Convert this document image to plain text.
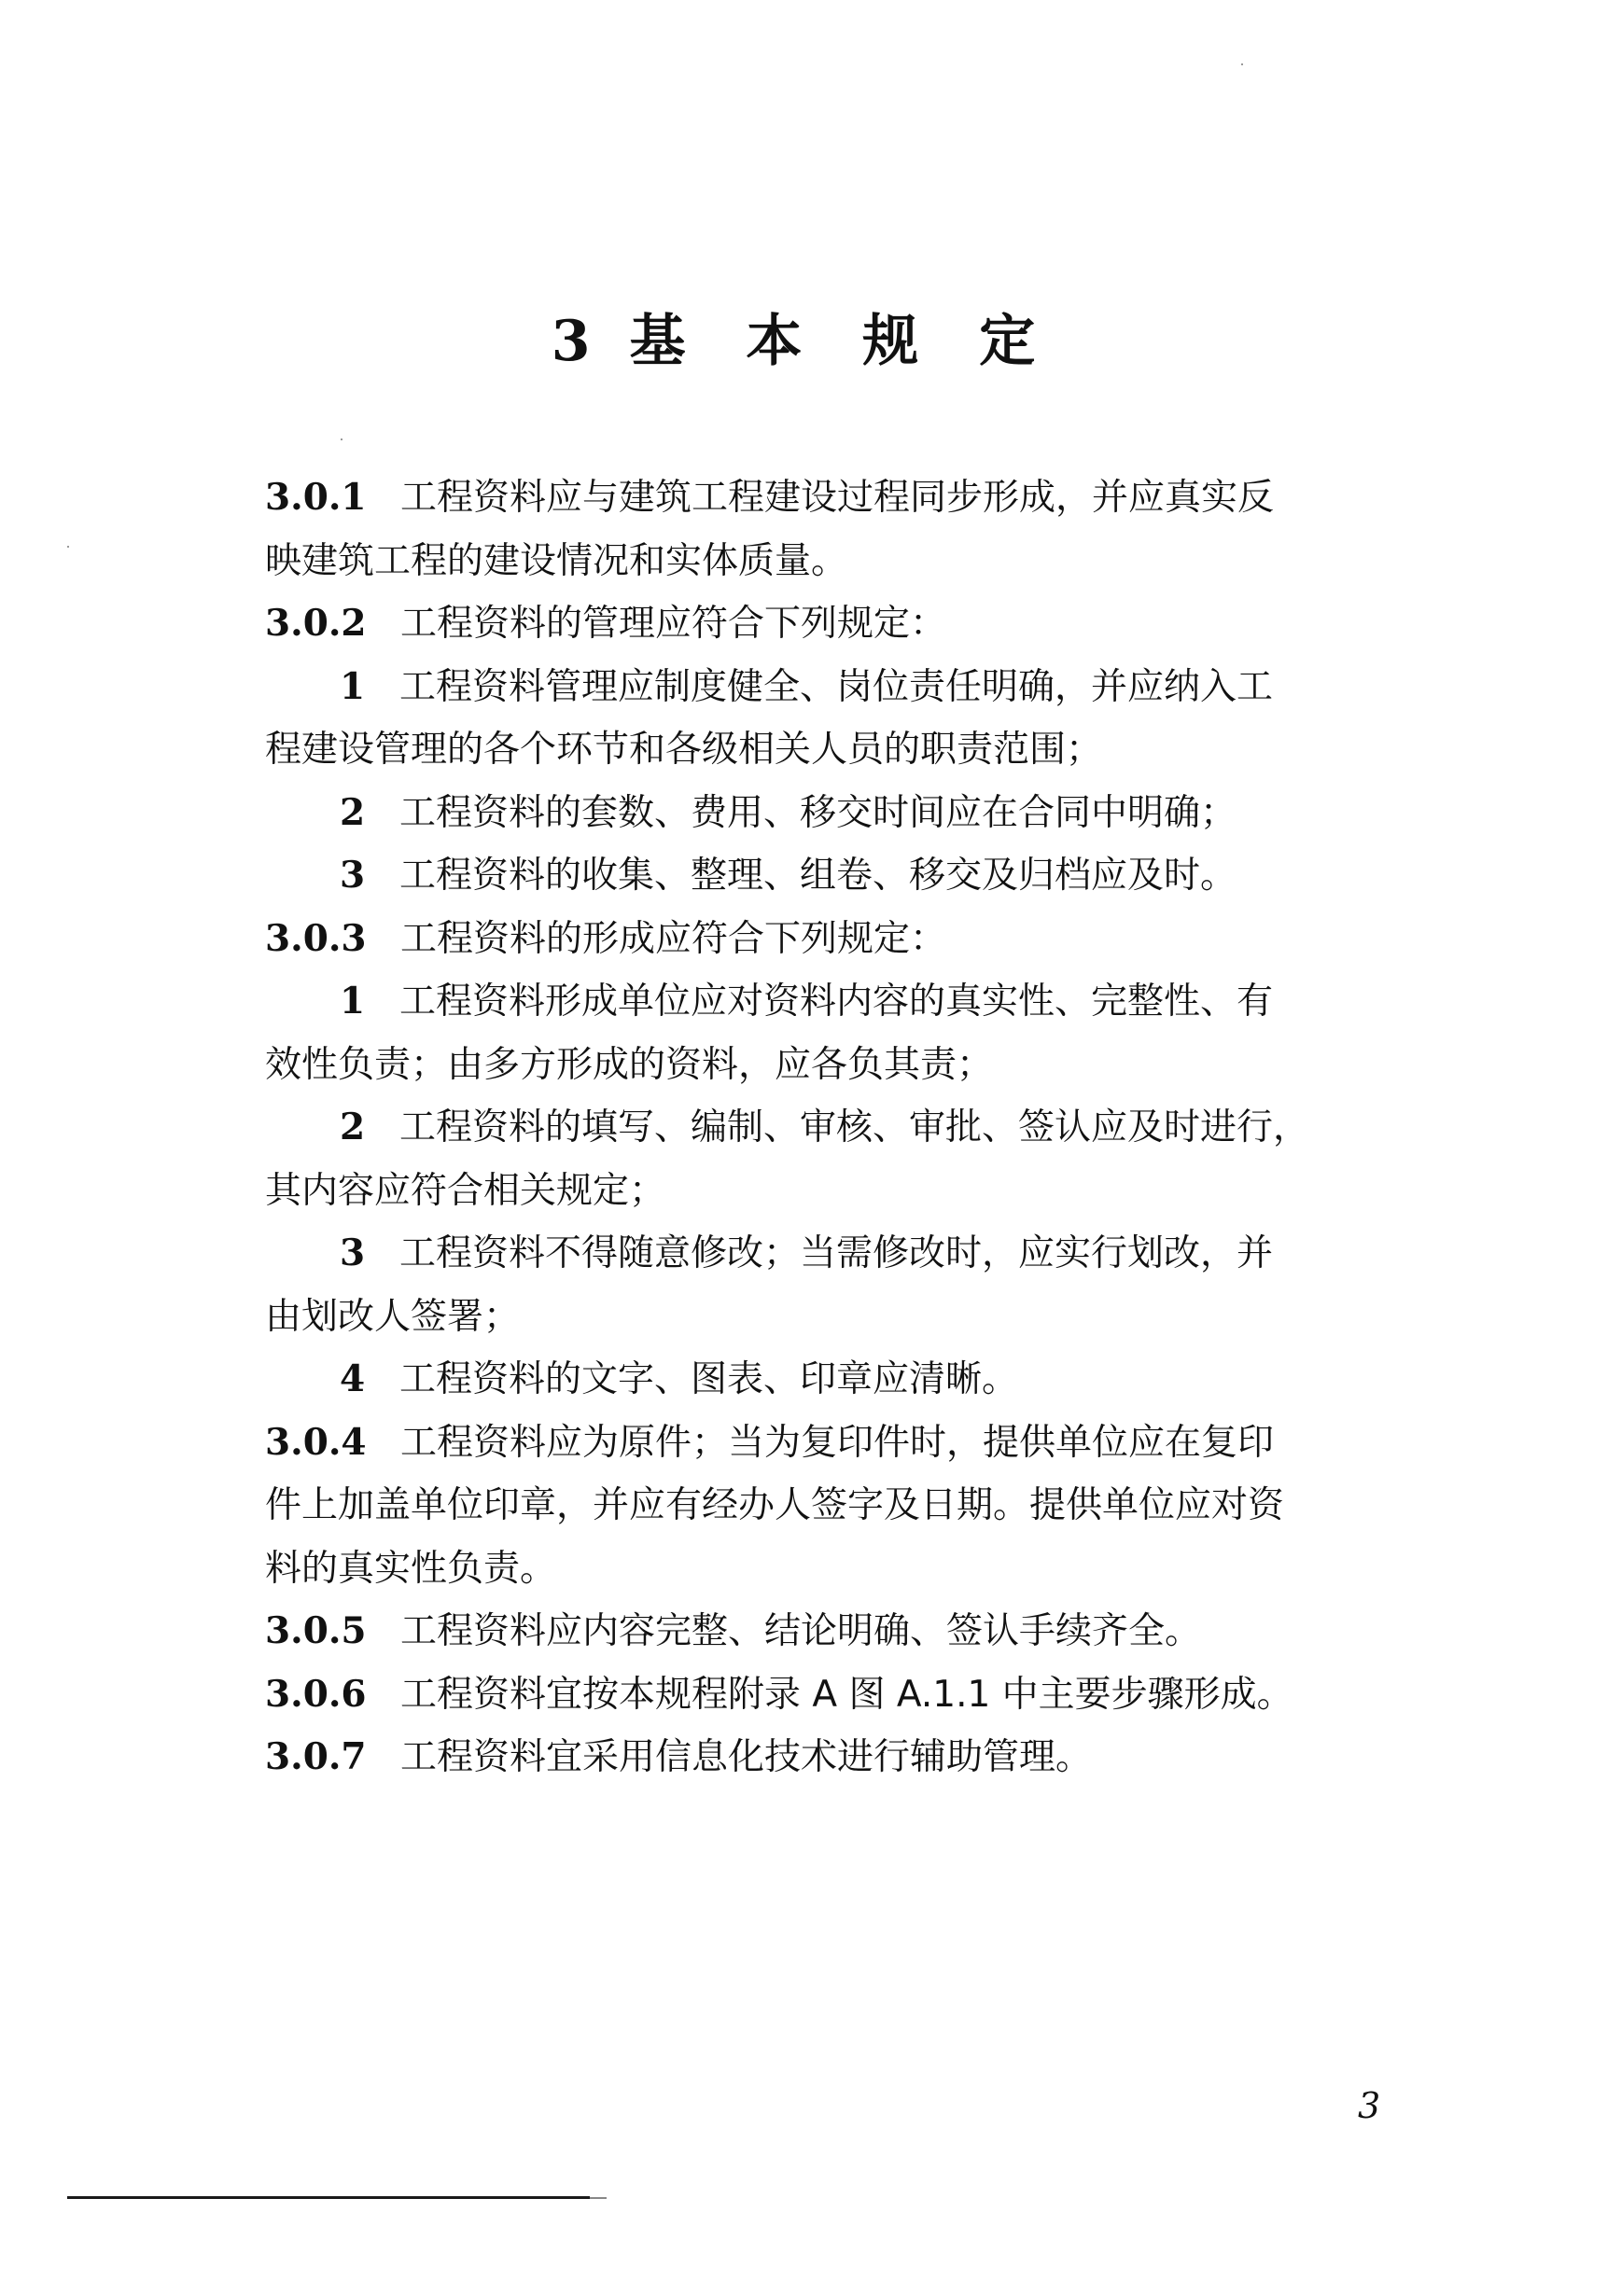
3 基 本 规 定

3.0.1 工程资料应与建筑工程建设过程同步形成，并应真实反
映建筑工程的建设情况和实体质量。

3.0.2 工程资料的管理应符合下列规定：

1 工程资料管理应制度健全、岗位责任明确，并应纳入工
程建设管理的各个环节和各级相关人员的职责范围；

2 工程资料的套数、费用、移交时间应在合同中明确；

3 工程资料的收集、整理、组卷、移交及归档应及时。

3.0.3 工程资料的形成应符合下列规定：

1 工程资料形成单位应对资料内容的真实性、完整性、有
效性负责；由多方形成的资料，应各负其责；

2 工程资料的填写、编制、审核、审批、签认应及时进行，
其内容应符合相关规定；

3 工程资料不得随意修改；当需修改时，应实行划改，并
由划改人签署；

4 工程资料的文字、图表、印章应清晰。

3.0.4 工程资料应为原件；当为复印件时，提供单位应在复印
件上加盖单位印章，并应有经办人签字及日期。提供单位应对资
料的真实性负责。

3.0.5 工程资料应内容完整、结论明确、签认手续齐全。

3.0.6 工程资料宜按本规程附录 A 图 A.1.1 中主要步骤形成。

3.0.7 工程资料宜采用信息化技术进行辅助管理。

3
